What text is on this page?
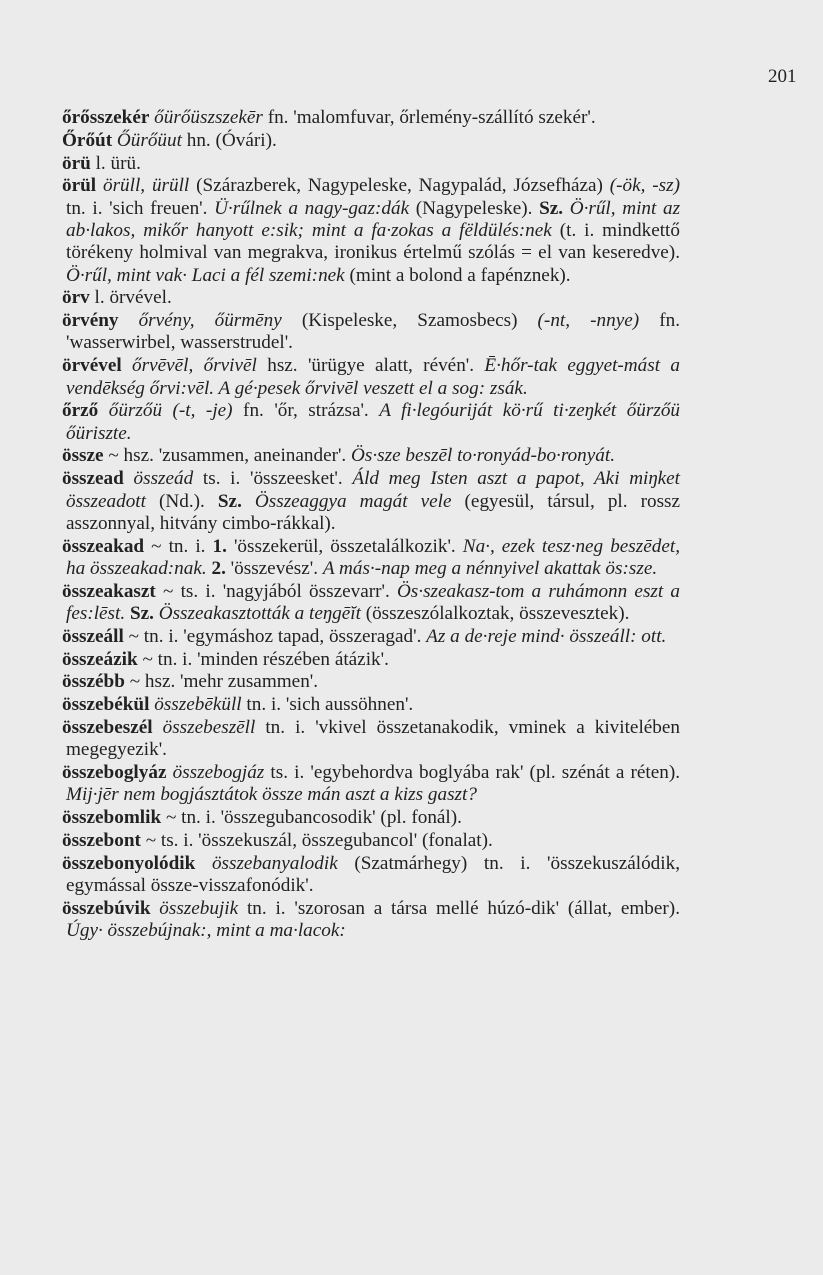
201

őrősszekér őürőüszszekēr fn. 'malomfuvar, őrlemény-szállító szekér'.

Őrőút Őürőüut hn. (Óvári).

örü l. ürü.

örül örüll, ürüll (Szárazberek, Nagypeleske, Nagypalád, Józsefháza) (-ök, -sz) tn. i. 'sich freuen'. Ü·rűlnek a nagy-gaz:dák (Nagypeleske). Sz. Ö·rűl, mint az ab·lakos, mikőr hanyott e:sik; mint a fa·zokas a fëldülés:nek (t. i. mindkettő törékeny holmival van megrakva, ironikus értelmű szólás = el van keseredve). Ö·rűl, mint vak· Laci a fél szemi:nek (mint a bolond a fapénznek).

örv l. örvével.

örvény őrvény, őürmēny (Kispeleske, Szamosbecs) (-nt, -nnye) fn. 'wasserwirbel, wasserstrudel'.

örvével őrvēvēl, őrvivēl hsz. 'ürügye alatt, révén'. Ē·hőr-tak eggyet-mást a vendēkség őrvi:vēl. A gé·pesek őrvivēl veszett el a sog: zsák.

őrző őürzőü (-t, -je) fn. 'őr, strázsa'. A fi·legóuriját kö·rű ti·zeŋkét őürzőü őüriszte.

össze ~ hsz. 'zusammen, aneinander'. Ös·sze beszēl to·ronyád-bo·ronyát.

összead összeád ts. i. 'összeesket'. Áld meg Isten aszt a papot, Aki miŋket összeadott (Nd.). Sz. Összeaggya magát vele (egyesül, társul, pl. rossz asszonnyal, hitvány cimbo-rákkal).

összeakad ~ tn. i. 1. 'összekerül, összetalálkozik'. Na·, ezek tesz·neg beszēdet, ha összeakad:nak. 2. 'összevész'. A más·-nap meg a nénnyivel akattak ös:sze.

összeakaszt ~ ts. i. 'nagyjából összevarr'. Ös·szeakasz-tom a ruhámonn eszt a fes:lēst. Sz. Összeakasztották a teŋgēĭt (összeszólalkoztak, összevesztek).

összeáll ~ tn. i. 'egymáshoz tapad, összeragad'. Az a de·reje mind· összeáll: ott.

összeázik ~ tn. i. 'minden részében átázik'.

összébb ~ hsz. 'mehr zusammen'.

összebékül összebēküll tn. i. 'sich aussöhnen'.

összebeszél összebeszēll tn. i. 'vkivel összetanakodik, vminek a kivitelében megegyezik'.

összeboglyáz összebogjáz ts. i. 'egybehordva boglyába rak' (pl. szénát a réten). Mij·jēr nem bogjásztátok össze mán aszt a kizs gaszt?

összebomlik ~ tn. i. 'összegubancosodik' (pl. fonál).

összebont ~ ts. i. 'összekuszál, összegubancol' (fonalat).

összebonyolódik összebanyalodik (Szatmárhegy) tn. i. 'összekuszálódik, egymással össze-visszafonódik'.

összebúvik összebujik tn. i. 'szorosan a társa mellé húzó-dik' (állat, ember). Úgy· összebújnak:, mint a ma·lacok:
